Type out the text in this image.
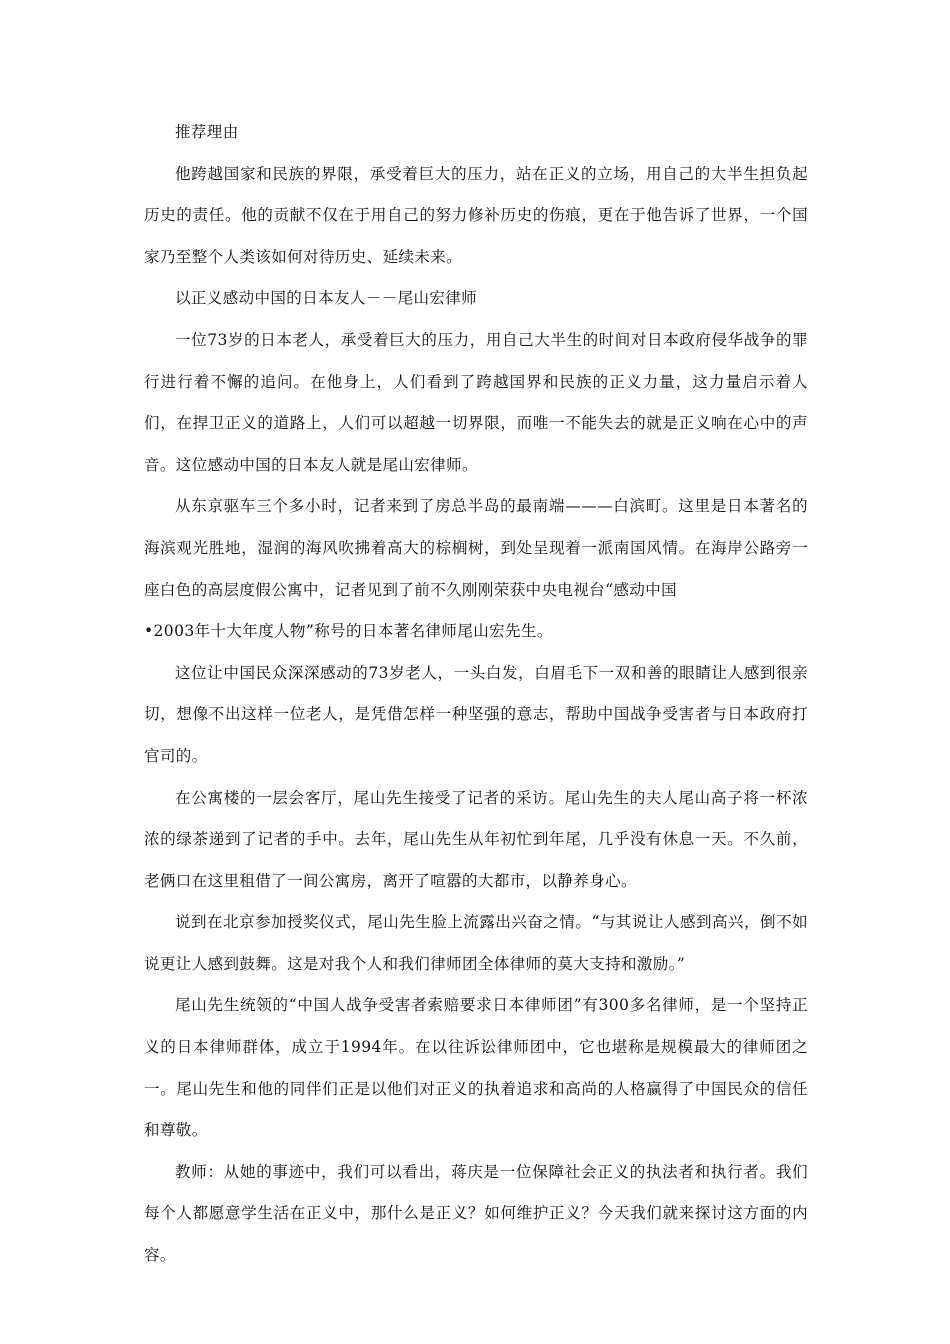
推荐理由

他跨越国家和民族的界限，承受着巨大的压力，站在正义的立场，用自己的大半生担负起历史的责任。他的贡献不仅在于用自己的努力修补历史的伤痕，更在于他告诉了世界，一个国家乃至整个人类该如何对待历史、延续未来。

以正义感动中国的日本友人－－尾山宏律师

一位73岁的日本老人，承受着巨大的压力，用自己大半生的时间对日本政府侵华战争的罪行进行着不懈的追问。在他身上，人们看到了跨越国界和民族的正义力量，这力量启示着人们，在捍卫正义的道路上，人们可以超越一切界限，而唯一不能失去的就是正义响在心中的声音。这位感动中国的日本友人就是尾山宏律师。

从东京驱车三个多小时，记者来到了房总半岛的最南端———白滨町。这里是日本著名的海滨观光胜地，湿润的海风吹拂着高大的棕榈树，到处呈现着一派南国风情。在海岸公路旁一座白色的高层度假公寓中，记者见到了前不久刚刚荣获中央电视台“感动中国

•2003年十大年度人物”称号的日本著名律师尾山宏先生。

这位让中国民众深深感动的73岁老人，一头白发，白眉毛下一双和善的眼睛让人感到很亲切，想像不出这样一位老人，是凭借怎样一种坚强的意志，帮助中国战争受害者与日本政府打官司的。

在公寓楼的一层会客厅，尾山先生接受了记者的采访。尾山先生的夫人尾山高子将一杯浓浓的绿茶递到了记者的手中。去年，尾山先生从年初忙到年尾，几乎没有休息一天。不久前，老俩口在这里租借了一间公寓房，离开了喧嚣的大都市，以静养身心。

说到在北京参加授奖仪式，尾山先生脸上流露出兴奋之情。“与其说让人感到高兴，倒不如说更让人感到鼓舞。这是对我个人和我们律师团全体律师的莫大支持和激励。”

尾山先生统领的“中国人战争受害者索赔要求日本律师团”有300多名律师，是一个坚持正义的日本律师群体，成立于1994年。在以往诉讼律师团中，它也堪称是规模最大的律师团之一。尾山先生和他的同伴们正是以他们对正义的执着追求和高尚的人格赢得了中国民众的信任和尊敬。

教师：从她的事迹中，我们可以看出，蒋庆是一位保障社会正义的执法者和执行者。我们每个人都愿意学生活在正义中，那什么是正义？如何维护正义？今天我们就来探讨这方面的内容。
